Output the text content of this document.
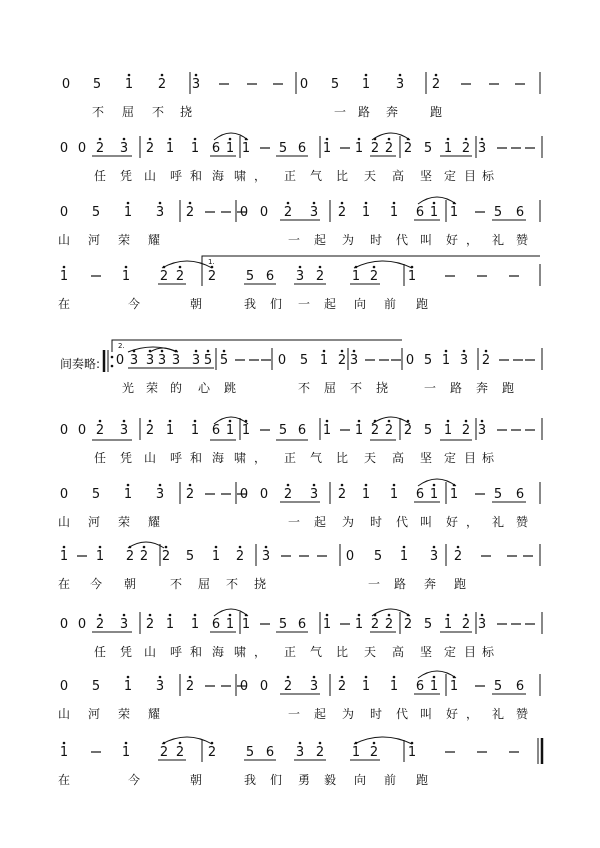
0 5 1 2 3	0 5 1 3 2
不 屈 不 挠	一 路 奔	跑
0 0 2 3 2 1 1 6 1 1 5 6 1 1 2 2 2 5 1 2 3
任 凭 山 呼 和 海 啸 ， 正 气 比 天 高 坚 定 目 标
0 5 1 3 2	0 0 2 3 2 1 1 6 1 1	5 6
山 河 荣 耀	一 起 为 时 代 叫 好 ， 礼 赞
1	1 2 2 2 5 6 3 2 1 2 1
在	今	朝	我 们 一 起 向 前 跑
0 3 3 3 3 3 5 5	0 5 1 2 3	0 5 1 3 2
光 荣 的 心 跳	不 屈 不 挠	一 路 奔 跑
0 0 2 3 2 1 1 6 1 1 5 6 1 1 2 2 2 5 1 2 3
任 凭 山 呼 和 海 啸 ， 正 气 比 天 高 坚 定 目 标
0 5 1 3 2	0 0 2 3 2 1 1 6 1 1	5 6
山 河 荣 耀	一 起 为 时 代 叫 好 ， 礼 赞
1 1 2 2 2 5 1 2 3	0 5 1 3 2
在 今 朝	不 屈 不 挠	一 路 奔 跑
0 0 2 3 2 1 1 6 1 1 5 6 1 1 2 2 2 5 1 2 3
任 凭 山 呼 和 海 啸 ， 正 气 比 天 高 坚 定 目 标
0 5 1 3 2	0 0 2 3 2 1 1 6 1 1	5 6
山 河 荣 耀	一 起 为 时 代 叫 好 ， 礼 赞
1	1 2 2 2 5 6 3 2 1 2 1
在	今	朝	我 们 勇 毅 向 前 跑
1.
2.
间奏略:
